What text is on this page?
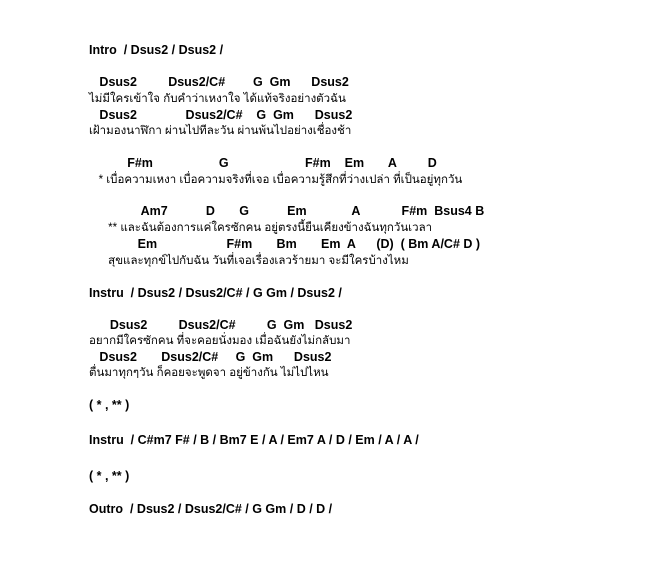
Intro  / Dsus2 / Dsus2 /
Dsus2         Dsus2/C#        G  Gm      Dsus2
ไม่มีใครเข้าใจ กับคำว่าเหงาใจ ได้แท้จริงอย่างตัวฉัน
Dsus2              Dsus2/C#    G  Gm      Dsus2
เฝ้ามองนาฬิกา ผ่านไปทีละวัน ผ่านพ้นไปอย่างเชื่องช้า
F#m                   G                      F#m    Em       A         D
* เบื่อความเหงา เบื่อความจริงที่เจอ เบื่อความรู้สึกที่ว่างเปล่า ที่เป็นอยู่ทุกวัน
Am7           D       G           Em             A            F#m  Bsus4 B
** และฉันต้องการแค่ใครซักคน อยู่ตรงนี้ยืนเคียงข้างฉันทุกวันเวลา
Em                    F#m       Bm       Em  A      (D)  ( Bm A/C# D )
สุขและทุกข์ไปกับฉัน วันที่เจอเรื่องเลวร้ายมา จะมีใครบ้างไหม
Instru  / Dsus2 / Dsus2/C# / G Gm / Dsus2 /
Dsus2         Dsus2/C#         G  Gm   Dsus2
อยากมีใครซักคน ที่จะคอยนั่งมอง เมื่อฉันยังไม่กลับมา
Dsus2       Dsus2/C#     G  Gm      Dsus2
ตื่นมาทุกๆวัน ก็คอยจะพูดจา อยู่ข้างกัน ไม่ไปไหน
( * , ** )
Instru  / C#m7 F# / B / Bm7 E / A / Em7 A / D / Em / A / A /
( * , ** )
Outro  / Dsus2 / Dsus2/C# / G Gm / D / D /
